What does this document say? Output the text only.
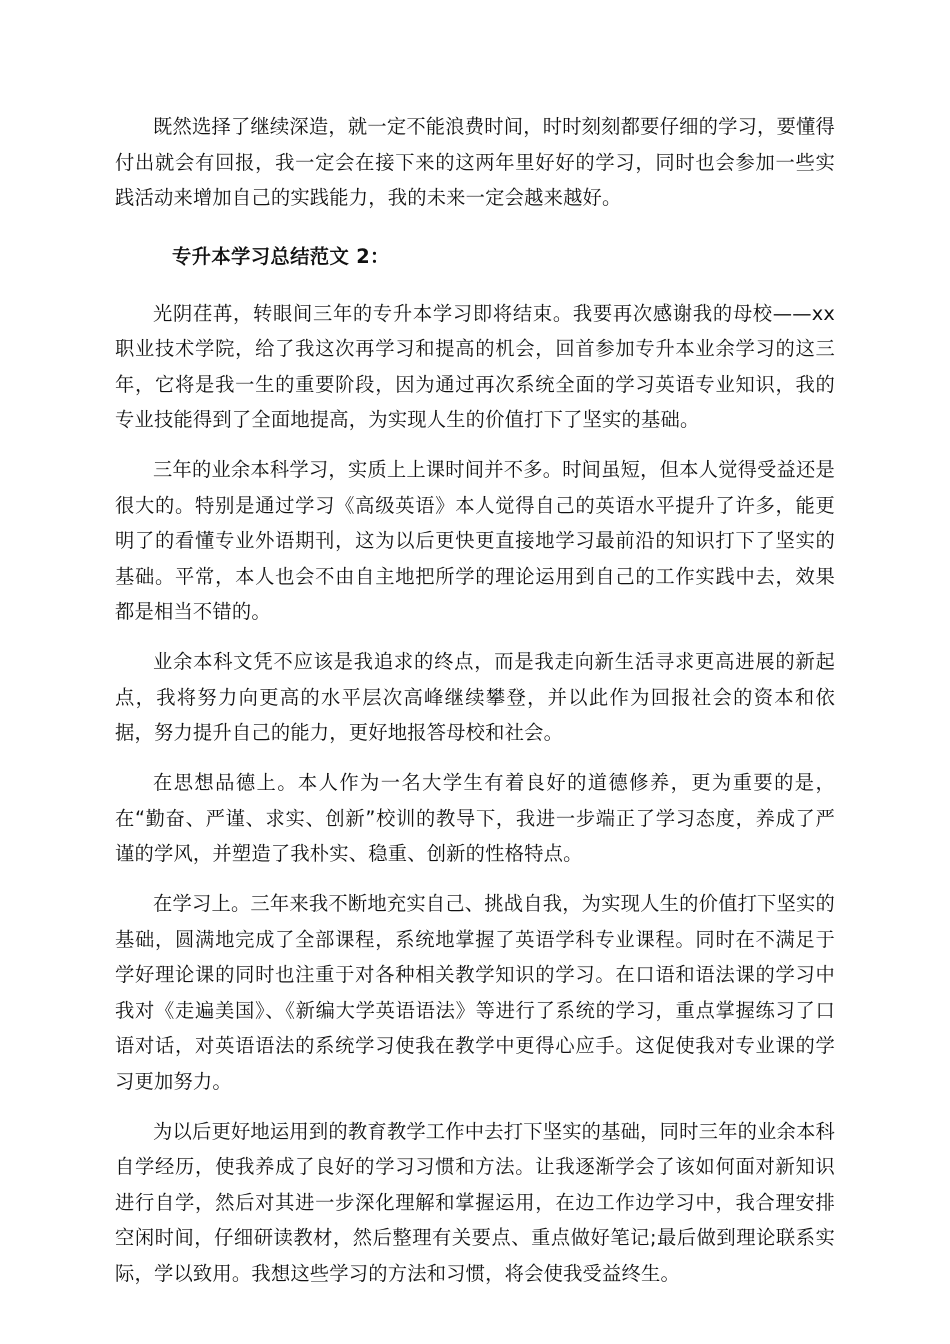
既然选择了继续深造，就一定不能浪费时间，时时刻刻都要仔细的学习，要懂得付出就会有回报，我一定会在接下来的这两年里好好的学习，同时也会参加一些实践活动来增加自己的实践能力，我的未来一定会越来越好。

专升本学习总结范文 2：

光阴荏苒，转眼间三年的专升本学习即将结束。我要再次感谢我的母校——xx 职业技术学院，给了我这次再学习和提高的机会，回首参加专升本业余学习的这三年，它将是我一生的重要阶段，因为通过再次系统全面的学习英语专业知识，我的专业技能得到了全面地提高，为实现人生的价值打下了坚实的基础。

三年的业余本科学习，实质上上课时间并不多。时间虽短，但本人觉得受益还是很大的。特别是通过学习《高级英语》本人觉得自己的英语水平提升了许多，能更明了的看懂专业外语期刊，这为以后更快更直接地学习最前沿的知识打下了坚实的基础。平常，本人也会不由自主地把所学的理论运用到自己的工作实践中去，效果都是相当不错的。

业余本科文凭不应该是我追求的终点，而是我走向新生活寻求更高进展的新起点，我将努力向更高的水平层次高峰继续攀登，并以此作为回报社会的资本和依据，努力提升自己的能力，更好地报答母校和社会。

在思想品德上。本人作为一名大学生有着良好的道德修养，更为重要的是，在“勤奋、严谨、求实、创新”校训的教导下，我进一步端正了学习态度，养成了严谨的学风，并塑造了我朴实、稳重、创新的性格特点。

在学习上。三年来我不断地充实自己、挑战自我，为实现人生的价值打下坚实的基础，圆满地完成了全部课程，系统地掌握了英语学科专业课程。同时在不满足于学好理论课的同时也注重于对各种相关教学知识的学习。在口语和语法课的学习中我对《走遍美国》、《新编大学英语语法》等进行了系统的学习，重点掌握练习了口语对话，对英语语法的系统学习使我在教学中更得心应手。这促使我对专业课的学习更加努力。

为以后更好地运用到的教育教学工作中去打下坚实的基础，同时三年的业余本科自学经历，使我养成了良好的学习习惯和方法。让我逐渐学会了该如何面对新知识进行自学，然后对其进一步深化理解和掌握运用，在边工作边学习中，我合理安排空闲时间，仔细研读教材，然后整理有关要点、重点做好笔记;最后做到理论联系实际，学以致用。我想这些学习的方法和习惯，将会使我受益终生。
